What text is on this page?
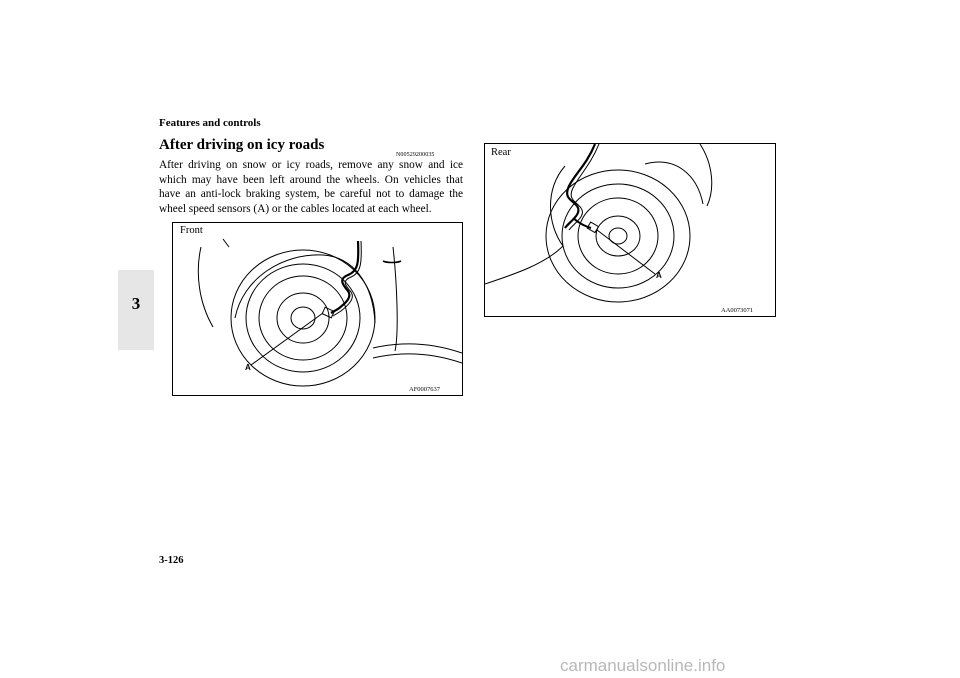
Features and controls
3
After driving on icy roads
N00529200035
After driving on snow or icy roads, remove any snow and ice which may have been left around the wheels. On vehicles that have an anti-lock braking system, be careful not to damage the wheel speed sensors (A) or the cables located at each wheel.
Front
A
AF0007637
Rear
A
AA0073071
3-126
carmanualsonline.info
